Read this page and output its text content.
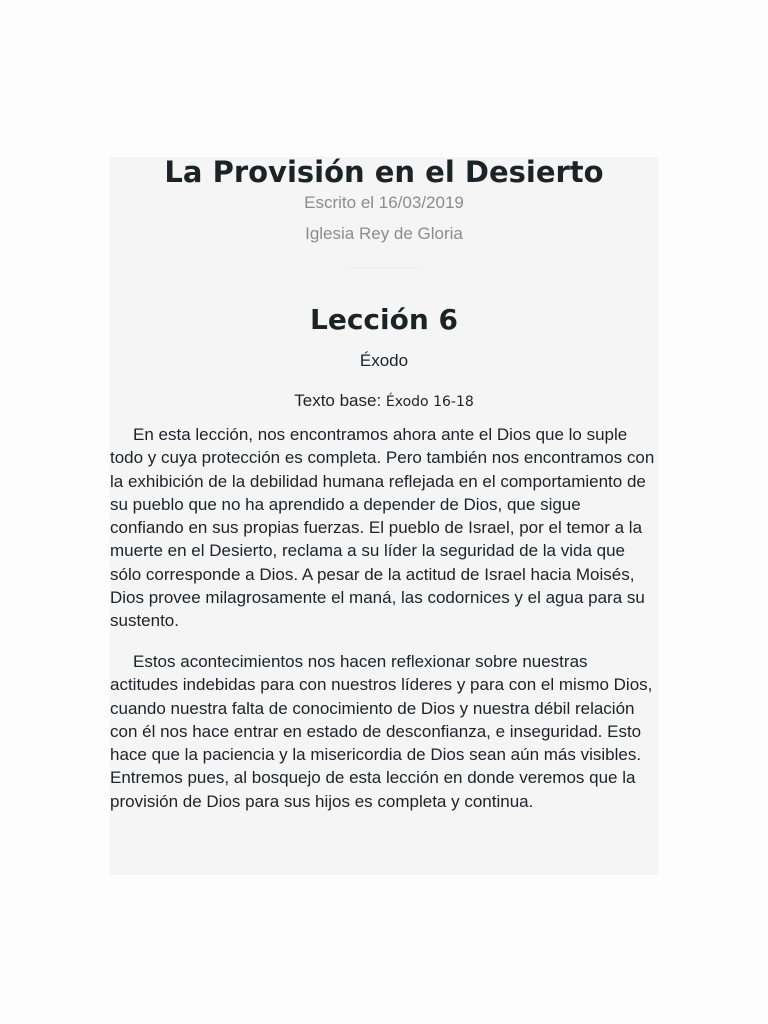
La Provisión en el Desierto
Escrito el 16/03/2019
Iglesia Rey de Gloria
Lección 6
Éxodo
Texto base: Éxodo 16-18

En esta lección, nos encontramos ahora ante el Dios que lo suple todo y cuya protección es completa. Pero también nos encontramos con la exhibición de la debilidad humana reflejada en el comportamiento de su pueblo que no ha aprendido a depender de Dios, que sigue confiando en sus propias fuerzas. El pueblo de Israel, por el temor a la muerte en el Desierto, reclama a su líder la seguridad de la vida que sólo corresponde a Dios. A pesar de la actitud de Israel hacia Moisés, Dios provee milagrosamente el maná, las codornices y el agua para su sustento.

Estos acontecimientos nos hacen reflexionar sobre nuestras actitudes indebidas para con nuestros líderes y para con el mismo Dios, cuando nuestra falta de conocimiento de Dios y nuestra débil relación con él nos hace entrar en estado de desconfianza, e inseguridad. Esto hace que la paciencia y la misericordia de Dios sean aún más visibles. Entremos pues, al bosquejo de esta lección en donde veremos que la provisión de Dios para sus hijos es completa y continua.
